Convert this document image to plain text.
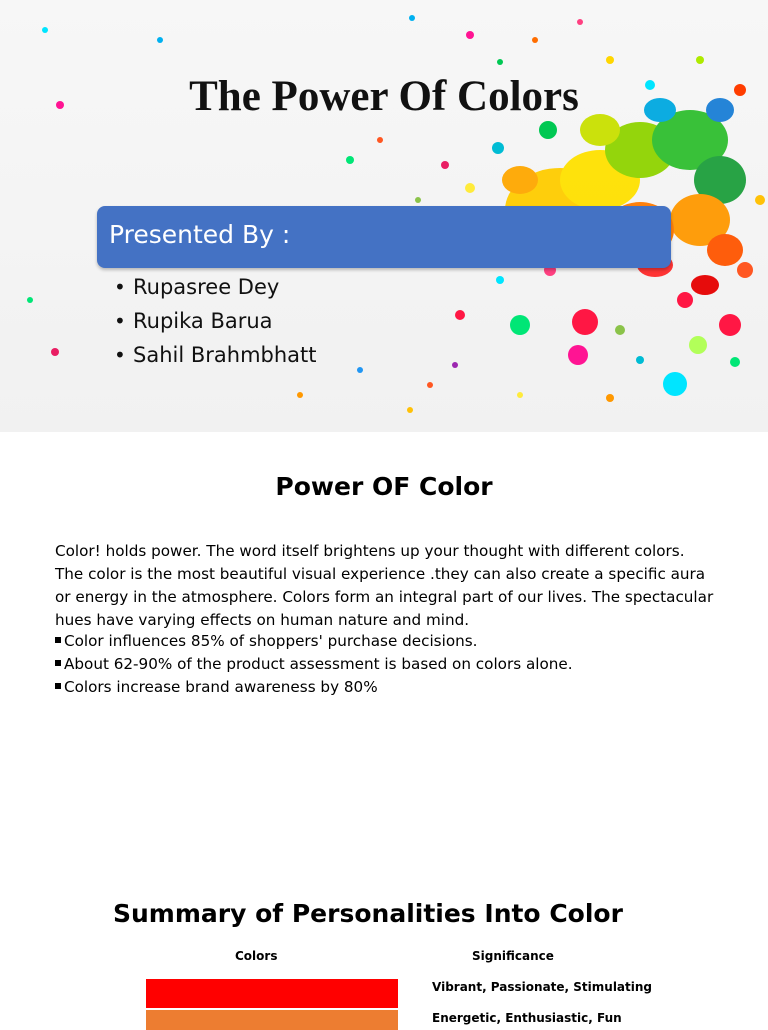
The Power Of Colors
Presented By :
• Rupasree Dey
• Rupika Barua
• Sahil Brahmbhatt
Power OF Color

Color! holds power. The word itself brightens up your thought with different colors. The color is the most beautiful visual experience .they can also create a specific aura or energy in the atmosphere. Colors form an integral part of our lives. The spectacular hues have varying effects on human nature and mind.

Color influences 85% of shoppers' purchase decisions.
About 62-90% of the product assessment is based on colors alone.
Colors increase brand awareness by 80%
Summary of Personalities Into Color
Colors	Significance
Vibrant, Passionate, Stimulating
Energetic, Enthusiastic, Fun
